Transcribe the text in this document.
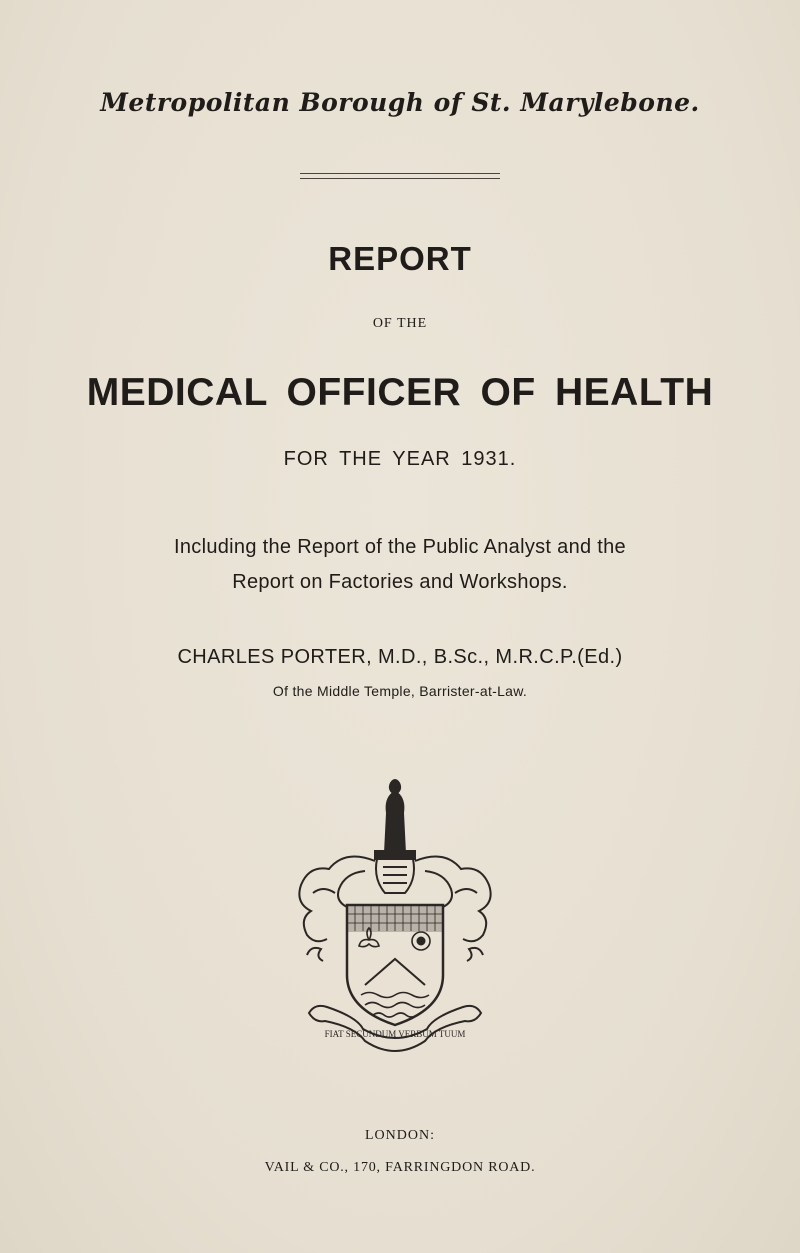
Metropolitan Borough of St. Marylebone.
REPORT
OF THE
MEDICAL OFFICER OF HEALTH
FOR THE YEAR 1931.
Including the Report of the Public Analyst and the
Report on Factories and Workshops.
CHARLES PORTER, M.D., B.Sc., M.R.C.P.(Ed.)
Of the Middle Temple, Barrister-at-Law.
FIAT SECUNDUM VERBUM TUUM
LONDON:
VAIL & CO., 170, FARRINGDON ROAD.
